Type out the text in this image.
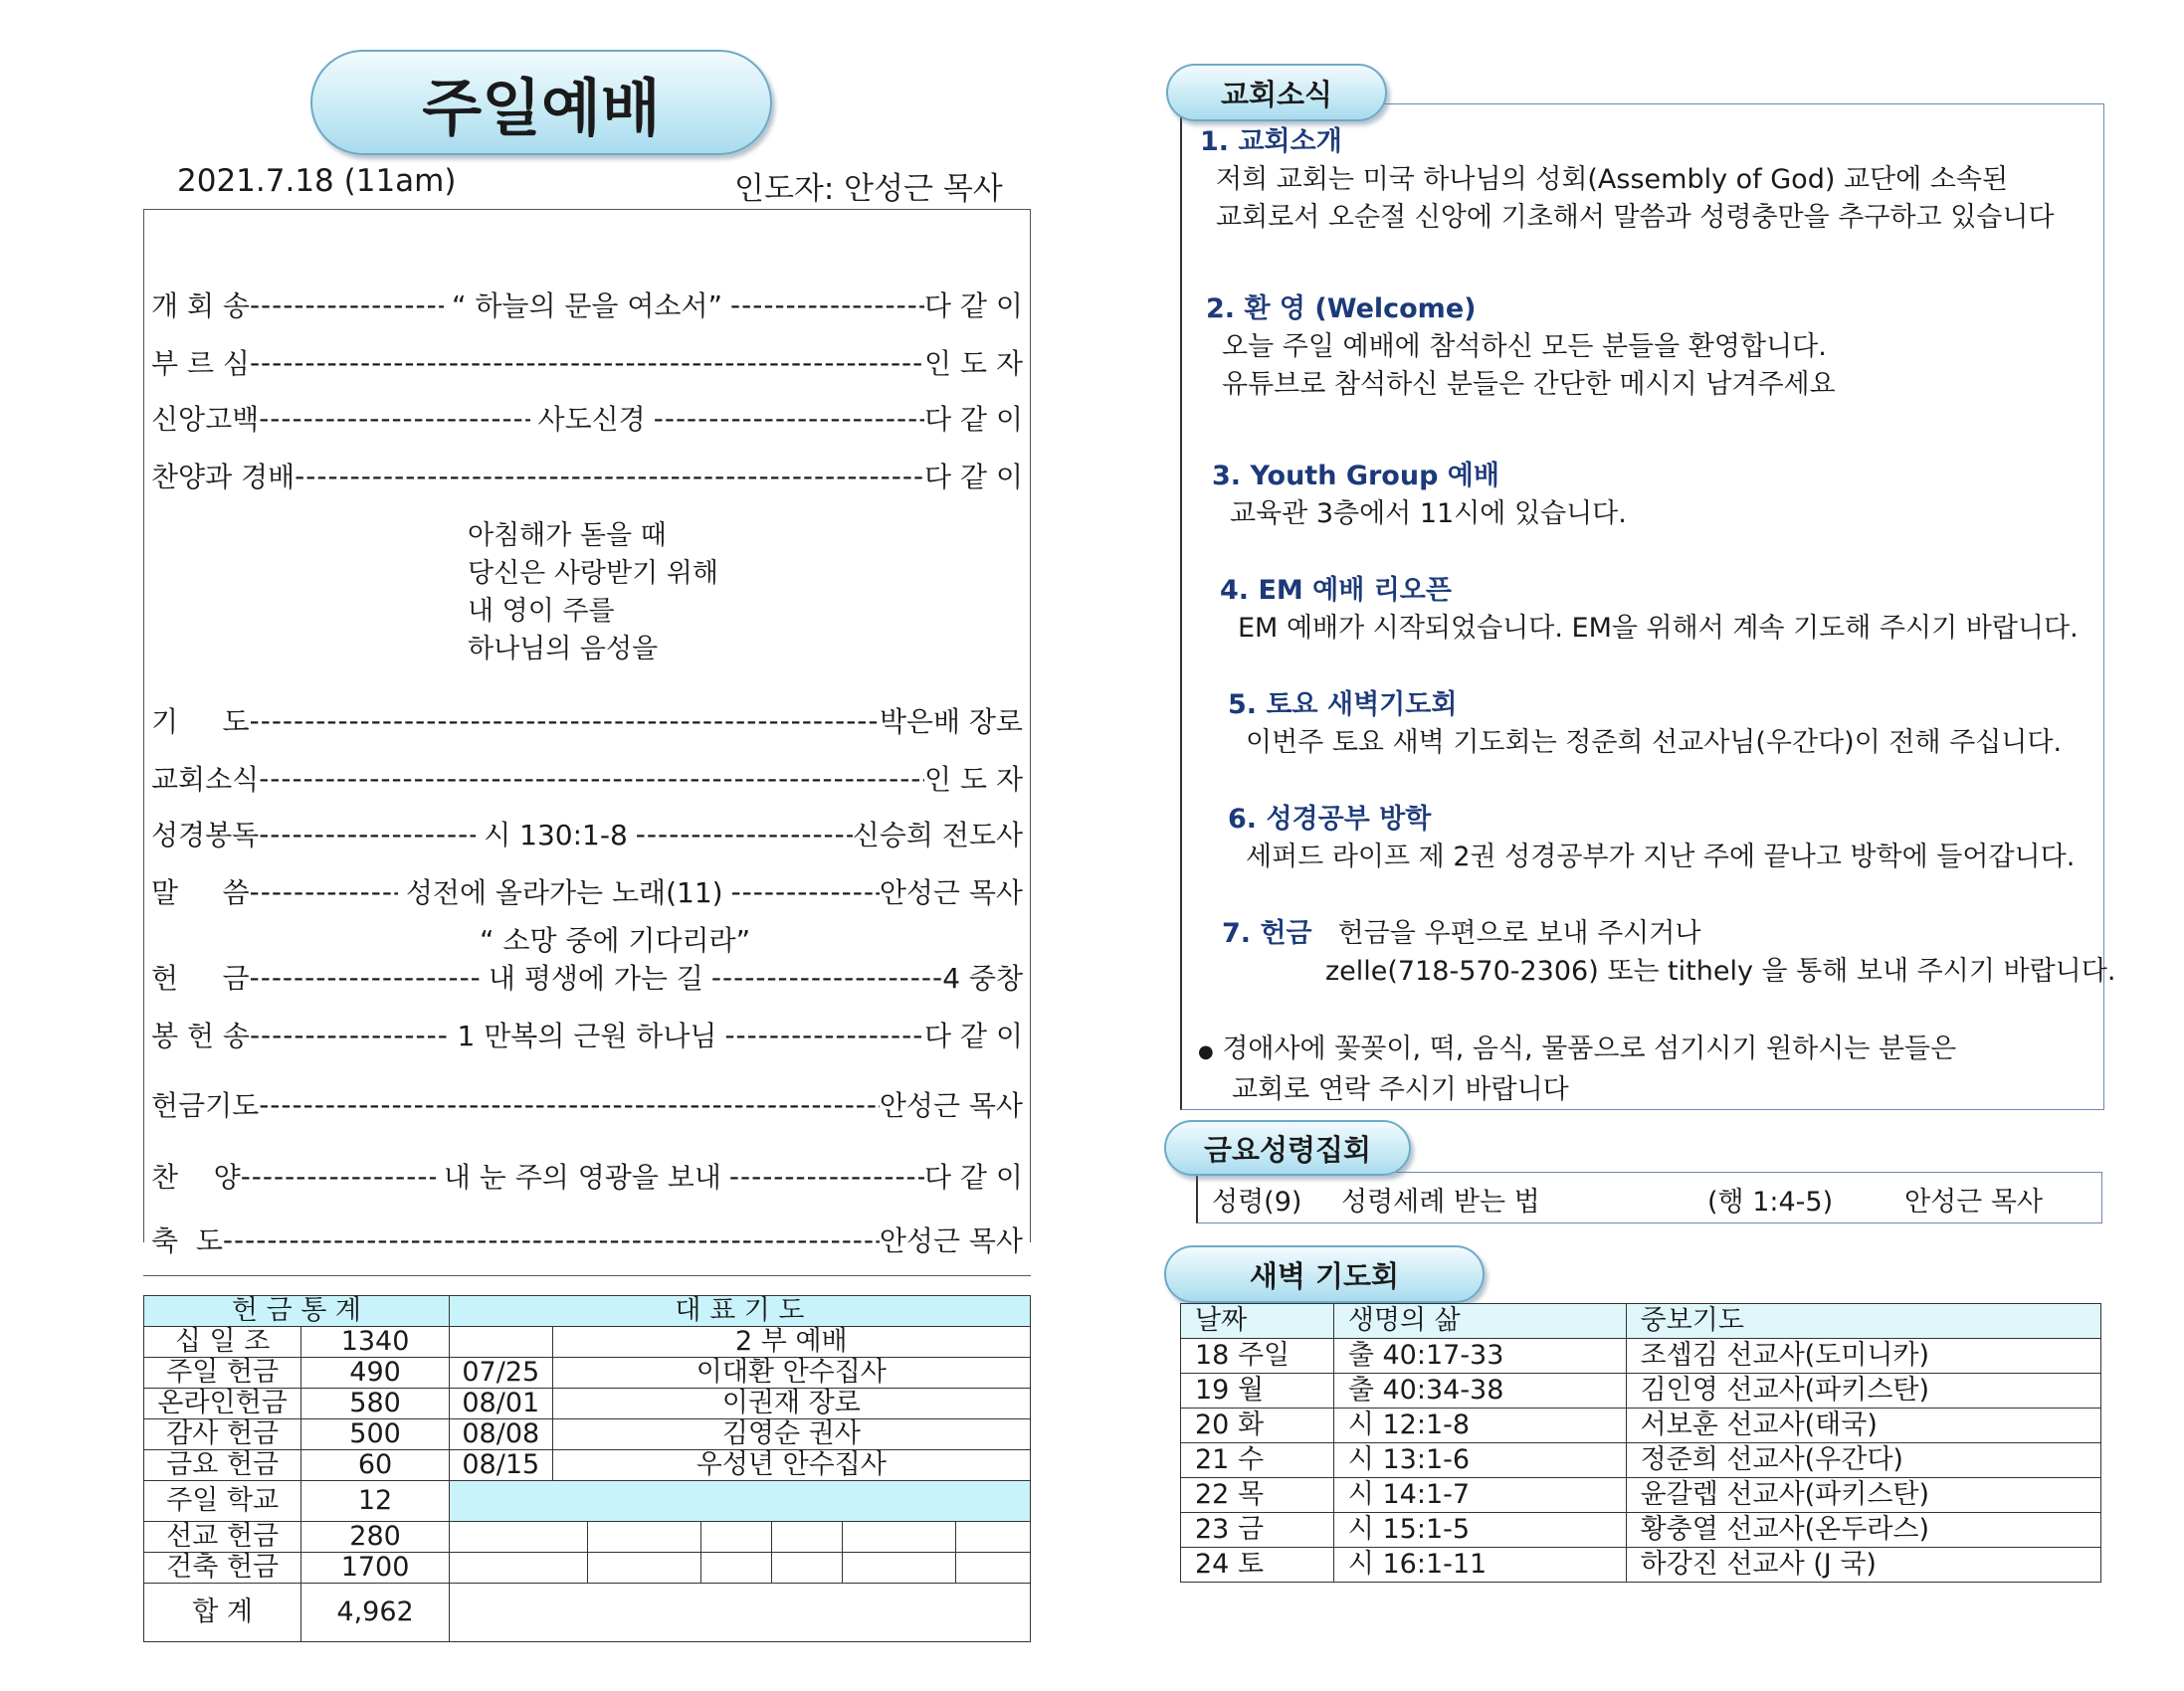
주일예배
2021.7.18 (11am)	인도자: 안성근 목사
개 회 송 -----	“ 하늘의 문을 여소서” -----	다 같 이
부 르 심 -----	인 도 자
신앙고백 -----	사도신경 -----	다 같 이
찬양과 경배 -----	다 같 이
기     도 -----	박은배 장로
교회소식 -----	인 도 자
성경봉독 -----	시 130:1-8 -----	신승희 전도사
말     씀 -----	성전에 올라가는 노래(11) -----	안성근 목사
헌     금 -----	내 평생에 가는 길 -----	4 중창
봉 헌 송 -----	1 만복의 근원 하나님 -----	다 같 이
헌금기도 -----	안성근 목사
찬    양 -----	내 눈 주의 영광을 보내 -----	다 같 이
축  도 -----	안성근 목사
아침해가 돋을 때
당신은 사랑받기 위해
내 영이 주를
하나님의 음성을
“ 소망 중에 기다리라”
헌 금 통 계		대 표 기 도						
십 일 조	1340		2 부 예배					
주일 헌금	490	07/25	이대환 안수집사					
온라인헌금	580	08/01	이권재 장로					
감사 헌금	500	08/08	김영순 권사					
금요 헌금	60	08/15	우성년 안수집사					
주일 학교	12							
선교 헌금	280							
건축 헌금	1700							
합 계	4,962							
교회소식
1. 교회소개
저희 교회는 미국 하나님의 성회(Assembly of God) 교단에 소속된
교회로서 오순절 신앙에 기초해서 말씀과 성령충만을 추구하고 있습니다
2. 환 영 (Welcome)
오늘 주일 예배에 참석하신 모든 분들을 환영합니다.
유튜브로 참석하신 분들은 간단한 메시지 남겨주세요
3. Youth Group 예배
교육관 3층에서 11시에 있습니다.
4. EM 예배 리오픈
EM 예배가 시작되었습니다. EM을 위해서 계속 기도해 주시기 바랍니다.
5. 토요 새벽기도회
이번주 토요 새벽 기도회는 정준희 선교사님(우간다)이 전해 주십니다.
6. 성경공부 방학
세퍼드 라이프 제 2권 성경공부가 지난 주에 끝나고 방학에 들어갑니다.
7. 헌금 헌금을 우편으로 보내 주시거나
zelle(718-570-2306) 또는 tithely 을 통해 보내 주시기 바랍니다.
● 경애사에 꽃꽂이, 떡, 음식, 물품으로 섬기시기 원하시는 분들은
교회로 연락 주시기 바랍니다
금요성령집회
성령(9) 성령세례 받는 법	(행 1:4-5)	안성근 목사
새벽 기도회
날짜	생명의 삶	중보기도
18 주일	출 40:17-33	조셉김 선교사(도미니카)
19 월	출 40:34-38	김인영 선교사(파키스탄)
20 화	시 12:1-8	서보훈 선교사(태국)
21 수	시 13:1-6	정준희 선교사(우간다)
22 목	시 14:1-7	윤갈렙 선교사(파키스탄)
23 금	시 15:1-5	황충열 선교사(온두라스)
24 토	시 16:1-11	하강진 선교사 (J 국)
